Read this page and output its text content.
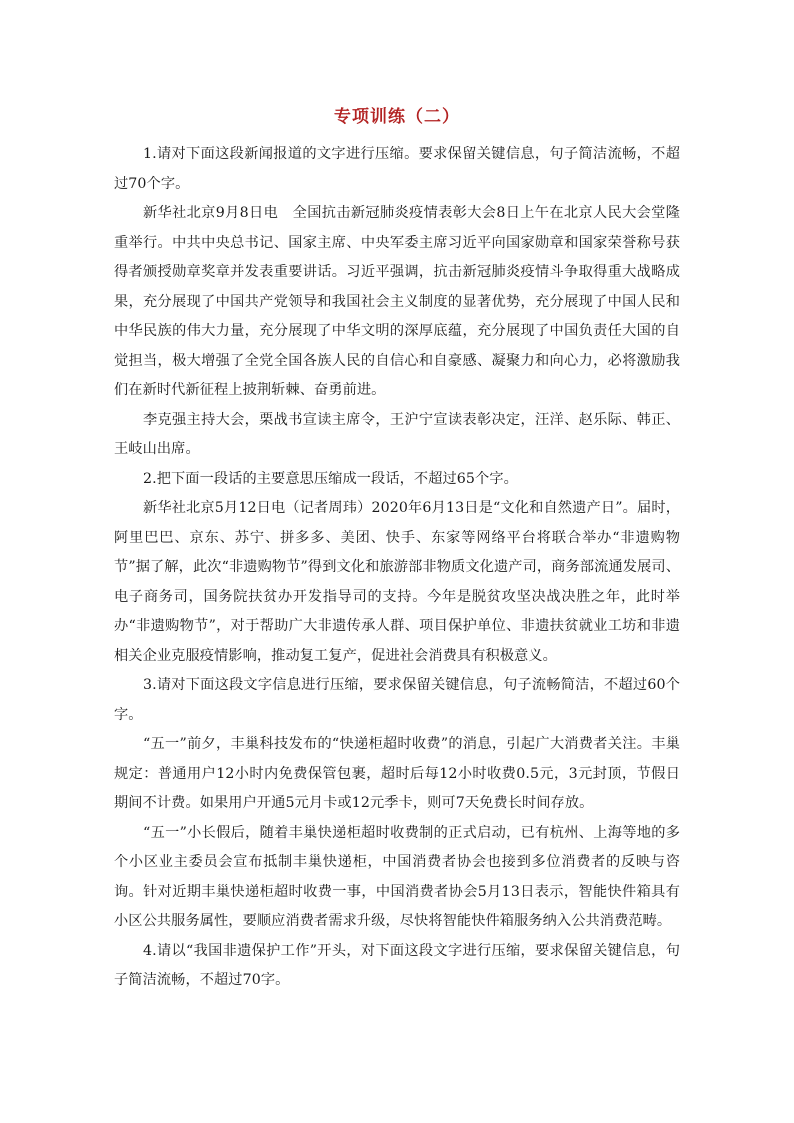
专项训练（二）

1.请对下面这段新闻报道的文字进行压缩。要求保留关键信息，句子简洁流畅，不超过70个字。

新华社北京9月8日电　全国抗击新冠肺炎疫情表彰大会8日上午在北京人民大会堂隆重举行。中共中央总书记、国家主席、中央军委主席习近平向国家勋章和国家荣誉称号获得者颁授勋章奖章并发表重要讲话。习近平强调，抗击新冠肺炎疫情斗争取得重大战略成果，充分展现了中国共产党领导和我国社会主义制度的显著优势，充分展现了中国人民和中华民族的伟大力量，充分展现了中华文明的深厚底蕴，充分展现了中国负责任大国的自觉担当，极大增强了全党全国各族人民的自信心和自豪感、凝聚力和向心力，必将激励我们在新时代新征程上披荆斩棘、奋勇前进。

李克强主持大会，栗战书宣读主席令，王沪宁宣读表彰决定，汪洋、赵乐际、韩正、王岐山出席。

2.把下面一段话的主要意思压缩成一段话，不超过65个字。

新华社北京5月12日电（记者周玮）2020年6月13日是“文化和自然遗产日”。届时，阿里巴巴、京东、苏宁、拼多多、美团、快手、东家等网络平台将联合举办“非遗购物节”据了解，此次“非遗购物节”得到文化和旅游部非物质文化遗产司，商务部流通发展司、电子商务司，国务院扶贫办开发指导司的支持。今年是脱贫攻坚决战决胜之年，此时举办“非遗购物节”，对于帮助广大非遗传承人群、项目保护单位、非遗扶贫就业工坊和非遗相关企业克服疫情影响，推动复工复产，促进社会消费具有积极意义。

3.请对下面这段文字信息进行压缩，要求保留关键信息，句子流畅简洁，不超过60个字。

“五一”前夕，丰巢科技发布的“快递柜超时收费”的消息，引起广大消费者关注。丰巢规定：普通用户12小时内免费保管包裹，超时后每12小时收费0.5元，3元封顶，节假日期间不计费。如果用户开通5元月卡或12元季卡，则可7天免费长时间存放。

“五一”小长假后，随着丰巢快递柜超时收费制的正式启动，已有杭州、上海等地的多个小区业主委员会宣布抵制丰巢快递柜，中国消费者协会也接到多位消费者的反映与咨询。针对近期丰巢快递柜超时收费一事，中国消费者协会5月13日表示，智能快件箱具有小区公共服务属性，要顺应消费者需求升级，尽快将智能快件箱服务纳入公共消费范畴。

4.请以“我国非遗保护工作”开头，对下面这段文字进行压缩，要求保留关键信息，句子简洁流畅，不超过70字。
